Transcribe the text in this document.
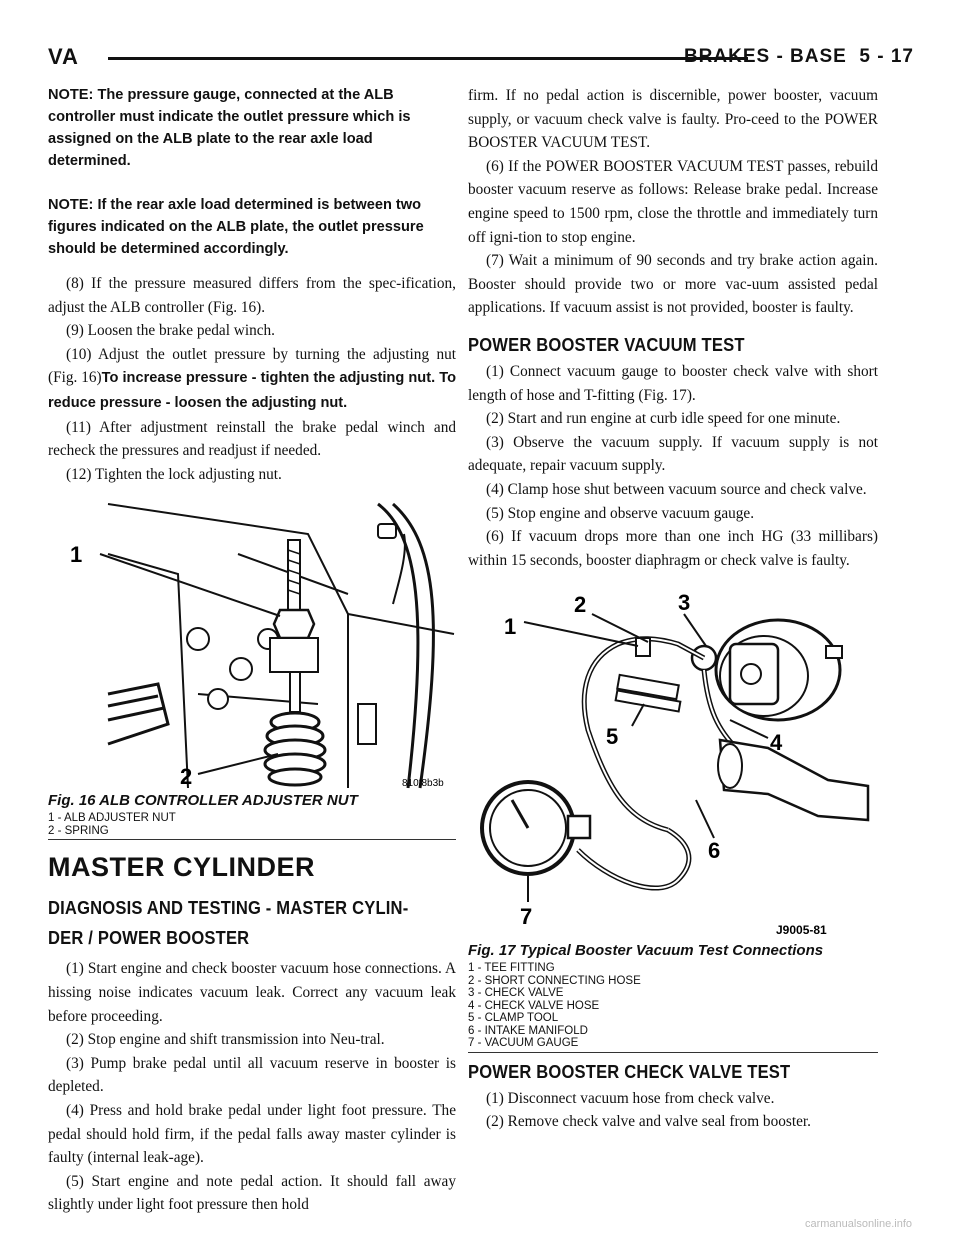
VA	BRAKES - BASE 5 - 17

NOTE: The pressure gauge, connected at the ALB controller must indicate the outlet pressure which is assigned on the ALB plate to the rear axle load determined.

NOTE: If the rear axle load determined is between two figures indicated on the ALB plate, the outlet pressure should be determined accordingly.

(8) If the pressure measured differs from the spec-ification, adjust the ALB controller (Fig. 16).

(9) Loosen the brake pedal winch.

(10) Adjust the outlet pressure by turning the adjusting nut (Fig. 16)To increase pressure - tighten the adjusting nut. To reduce pressure - loosen the adjusting nut.

(11) After adjustment reinstall the brake pedal winch and recheck the pressures and readjust if needed.

(12) Tighten the lock adjusting nut.

1
2	810f8b3b
Fig. 16 ALB CONTROLLER ADJUSTER NUT
1 - ALB ADJUSTER NUT
2 - SPRING
MASTER CYLINDER
DIAGNOSIS AND TESTING - MASTER CYLIN-
DER / POWER BOOSTER

(1) Start engine and check booster vacuum hose connections. A hissing noise indicates vacuum leak. Correct any vacuum leak before proceeding.

(2) Stop engine and shift transmission into Neu-tral.

(3) Pump brake pedal until all vacuum reserve in booster is depleted.

(4) Press and hold brake pedal under light foot pressure. The pedal should hold firm, if the pedal falls away master cylinder is faulty (internal leak-age).

(5) Start engine and note pedal action. It should fall away slightly under light foot pressure then hold

firm. If no pedal action is discernible, power booster, vacuum supply, or vacuum check valve is faulty. Pro-ceed to the POWER BOOSTER VACUUM TEST.

(6) If the POWER BOOSTER VACUUM TEST passes, rebuild booster vacuum reserve as follows: Release brake pedal. Increase engine speed to 1500 rpm, close the throttle and immediately turn off igni-tion to stop engine.

(7) Wait a minimum of 90 seconds and try brake action again. Booster should provide two or more vac-uum assisted pedal applications. If vacuum assist is not provided, booster is faulty.

POWER BOOSTER VACUUM TEST

(1) Connect vacuum gauge to booster check valve with short length of hose and T-fitting (Fig. 17).

(2) Start and run engine at curb idle speed for one minute.

(3) Observe the vacuum supply. If vacuum supply is not adequate, repair vacuum supply.

(4) Clamp hose shut between vacuum source and check valve.

(5) Stop engine and observe vacuum gauge.

(6) If vacuum drops more than one inch HG (33 millibars) within 15 seconds, booster diaphragm or check valve is faulty.

1
2	3
4
5
6
7
J9005-81
Fig. 17 Typical Booster Vacuum Test Connections
1 - TEE FITTING
2 - SHORT CONNECTING HOSE
3 - CHECK VALVE
4 - CHECK VALVE HOSE
5 - CLAMP TOOL
6 - INTAKE MANIFOLD
7 - VACUUM GAUGE
POWER BOOSTER CHECK VALVE TEST

(1) Disconnect vacuum hose from check valve.

(2) Remove check valve and valve seal from booster.

carmanualsonline.info
